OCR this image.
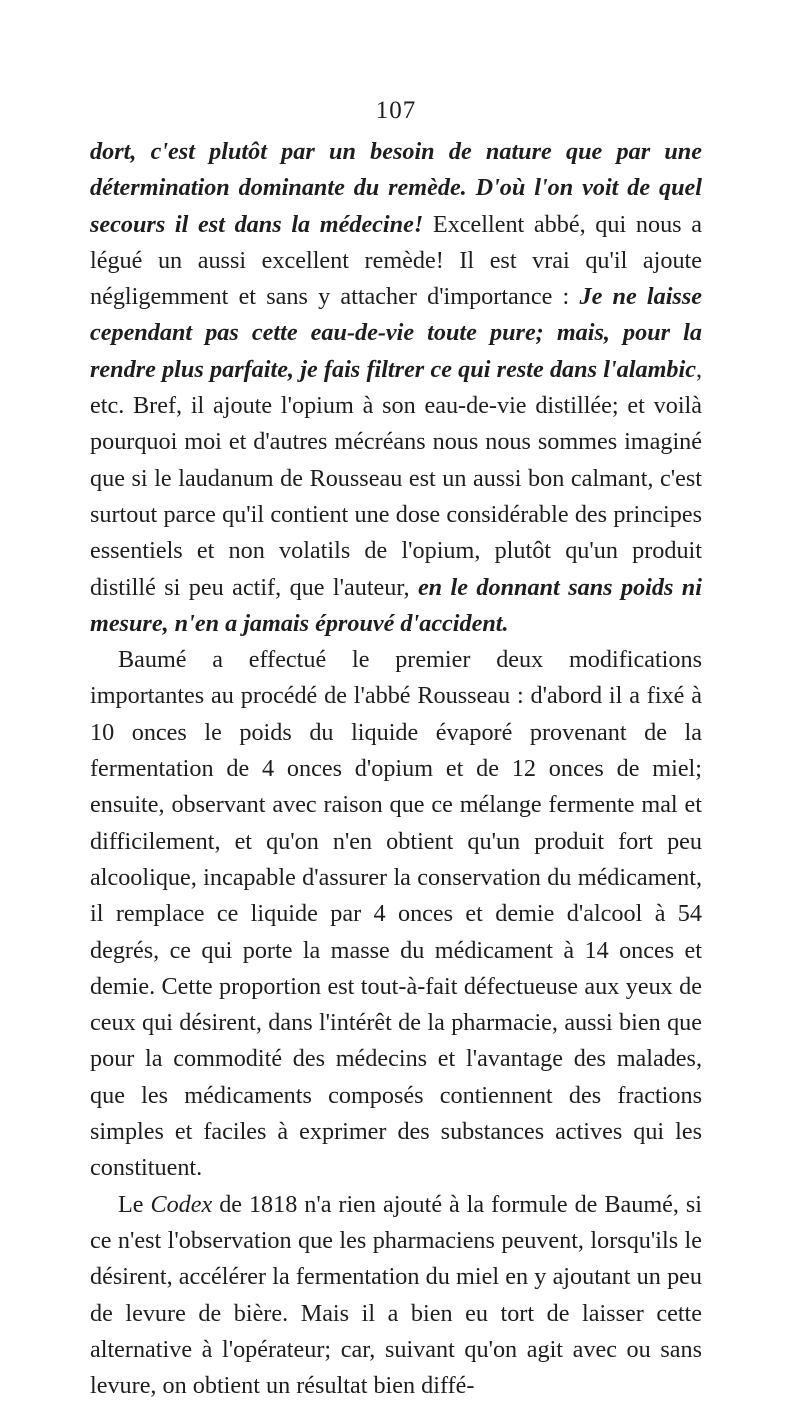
107

dort, c'est plutôt par un besoin de nature que par une détermination dominante du remède. D'où l'on voit de quel secours il est dans la médecine! Excellent abbé, qui nous a légué un aussi excellent remède! Il est vrai qu'il ajoute négligemment et sans y attacher d'importance : Je ne laisse cependant pas cette eau-de-vie toute pure; mais, pour la rendre plus parfaite, je fais filtrer ce qui reste dans l'alambic, etc. Bref, il ajoute l'opium à son eau-de-vie distillée; et voilà pourquoi moi et d'autres mécréans nous nous sommes imaginé que si le laudanum de Rousseau est un aussi bon calmant, c'est surtout parce qu'il contient une dose considérable des principes essentiels et non volatils de l'opium, plutôt qu'un produit distillé si peu actif, que l'auteur, en le donnant sans poids ni mesure, n'en a jamais éprouvé d'accident.

Baumé a effectué le premier deux modifications importantes au procédé de l'abbé Rousseau : d'abord il a fixé à 10 onces le poids du liquide évaporé provenant de la fermentation de 4 onces d'opium et de 12 onces de miel; ensuite, observant avec raison que ce mélange fermente mal et difficilement, et qu'on n'en obtient qu'un produit fort peu alcoolique, incapable d'assurer la conservation du médicament, il remplace ce liquide par 4 onces et demie d'alcool à 54 degrés, ce qui porte la masse du médicament à 14 onces et demie. Cette proportion est tout-à-fait défectueuse aux yeux de ceux qui désirent, dans l'intérêt de la pharmacie, aussi bien que pour la commodité des médecins et l'avantage des malades, que les médicaments composés contiennent des fractions simples et faciles à exprimer des substances actives qui les constituent.

Le Codex de 1818 n'a rien ajouté à la formule de Baumé, si ce n'est l'observation que les pharmaciens peuvent, lorsqu'ils le désirent, accélérer la fermentation du miel en y ajoutant un peu de levure de bière. Mais il a bien eu tort de laisser cette alternative à l'opérateur; car, suivant qu'on agit avec ou sans levure, on obtient un résultat bien diffé-
